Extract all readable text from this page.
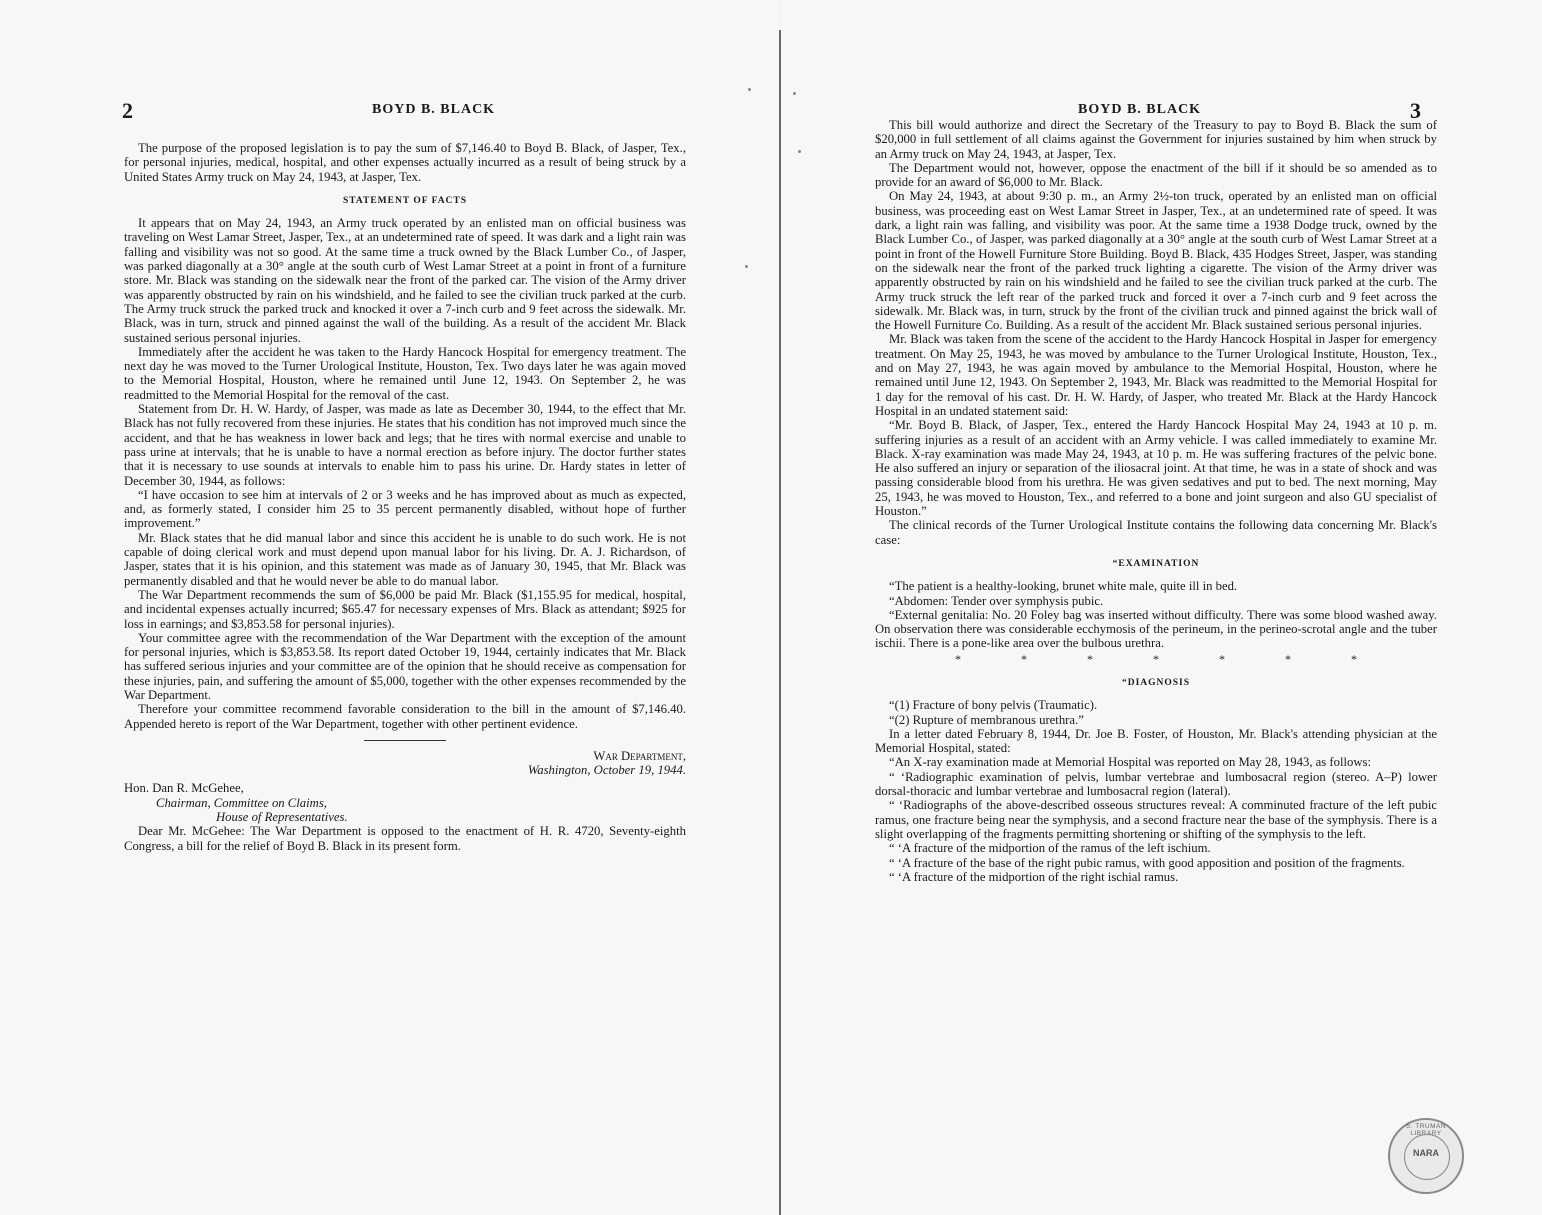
2	BOYD B. BLACK

The purpose of the proposed legislation is to pay the sum of $7,146.40 to Boyd B. Black, of Jasper, Tex., for personal injuries, medical, hospital, and other expenses actually incurred as a result of being struck by a United States Army truck on May 24, 1943, at Jasper, Tex.

STATEMENT OF FACTS

It appears that on May 24, 1943, an Army truck operated by an enlisted man on official business was traveling on West Lamar Street, Jasper, Tex., at an undetermined rate of speed. It was dark and a light rain was falling and visibility was not so good. At the same time a truck owned by the Black Lumber Co., of Jasper, was parked diagonally at a 30° angle at the south curb of West Lamar Street at a point in front of a furniture store. Mr. Black was standing on the sidewalk near the front of the parked car. The vision of the Army driver was apparently obstructed by rain on his windshield, and he failed to see the civilian truck parked at the curb. The Army truck struck the parked truck and knocked it over a 7-inch curb and 9 feet across the sidewalk. Mr. Black, was in turn, struck and pinned against the wall of the building. As a result of the accident Mr. Black sustained serious personal injuries.

Immediately after the accident he was taken to the Hardy Hancock Hospital for emergency treatment. The next day he was moved to the Turner Urological Institute, Houston, Tex. Two days later he was again moved to the Memorial Hospital, Houston, where he remained until June 12, 1943. On September 2, he was readmitted to the Memorial Hospital for the removal of the cast.

Statement from Dr. H. W. Hardy, of Jasper, was made as late as December 30, 1944, to the effect that Mr. Black has not fully recovered from these injuries. He states that his condition has not improved much since the accident, and that he has weakness in lower back and legs; that he tires with normal exercise and unable to pass urine at intervals; that he is unable to have a normal erection as before injury. The doctor further states that it is necessary to use sounds at intervals to enable him to pass his urine. Dr. Hardy states in letter of December 30, 1944, as follows:

“I have occasion to see him at intervals of 2 or 3 weeks and he has improved about as much as expected, and, as formerly stated, I consider him 25 to 35 percent permanently disabled, without hope of further improvement.”

Mr. Black states that he did manual labor and since this accident he is unable to do such work. He is not capable of doing clerical work and must depend upon manual labor for his living. Dr. A. J. Richardson, of Jasper, states that it is his opinion, and this statement was made as of January 30, 1945, that Mr. Black was permanently disabled and that he would never be able to do manual labor.

The War Department recommends the sum of $6,000 be paid Mr. Black ($1,155.95 for medical, hospital, and incidental expenses actually incurred; $65.47 for necessary expenses of Mrs. Black as attendant; $925 for loss in earnings; and $3,853.58 for personal injuries).

Your committee agree with the recommendation of the War Department with the exception of the amount for personal injuries, which is $3,853.58. Its report dated October 19, 1944, certainly indicates that Mr. Black has suffered serious injuries and your committee are of the opinion that he should receive as compensation for these injuries, pain, and suffering the amount of $5,000, together with the other expenses recommended by the War Department.

Therefore your committee recommend favorable consideration to the bill in the amount of $7,146.40. Appended hereto is report of the War Department, together with other pertinent evidence.

War Department,

Washington, October 19, 1944.

Hon. Dan R. McGehee,

Chairman, Committee on Claims,

House of Representatives.

Dear Mr. McGehee: The War Department is opposed to the enactment of H. R. 4720, Seventy-eighth Congress, a bill for the relief of Boyd B. Black in its present form.

BOYD B. BLACK	3

This bill would authorize and direct the Secretary of the Treasury to pay to Boyd B. Black the sum of $20,000 in full settlement of all claims against the Government for injuries sustained by him when struck by an Army truck on May 24, 1943, at Jasper, Tex.

The Department would not, however, oppose the enactment of the bill if it should be so amended as to provide for an award of $6,000 to Mr. Black.

On May 24, 1943, at about 9:30 p. m., an Army 2½-ton truck, operated by an enlisted man on official business, was proceeding east on West Lamar Street in Jasper, Tex., at an undetermined rate of speed. It was dark, a light rain was falling, and visibility was poor. At the same time a 1938 Dodge truck, owned by the Black Lumber Co., of Jasper, was parked diagonally at a 30° angle at the south curb of West Lamar Street at a point in front of the Howell Furniture Store Building. Boyd B. Black, 435 Hodges Street, Jasper, was standing on the sidewalk near the front of the parked truck lighting a cigarette. The vision of the Army driver was apparently obstructed by rain on his windshield and he failed to see the civilian truck parked at the curb. The Army truck struck the left rear of the parked truck and forced it over a 7-inch curb and 9 feet across the sidewalk. Mr. Black was, in turn, struck by the front of the civilian truck and pinned against the brick wall of the Howell Furniture Co. Building. As a result of the accident Mr. Black sustained serious personal injuries.

Mr. Black was taken from the scene of the accident to the Hardy Hancock Hospital in Jasper for emergency treatment. On May 25, 1943, he was moved by ambulance to the Turner Urological Institute, Houston, Tex., and on May 27, 1943, he was again moved by ambulance to the Memorial Hospital, Houston, where he remained until June 12, 1943. On September 2, 1943, Mr. Black was readmitted to the Memorial Hospital for 1 day for the removal of his cast. Dr. H. W. Hardy, of Jasper, who treated Mr. Black at the Hardy Hancock Hospital in an undated statement said:

“Mr. Boyd B. Black, of Jasper, Tex., entered the Hardy Hancock Hospital May 24, 1943 at 10 p. m. suffering injuries as a result of an accident with an Army vehicle. I was called immediately to examine Mr. Black. X-ray examination was made May 24, 1943, at 10 p. m. He was suffering fractures of the pelvic bone. He also suffered an injury or separation of the iliosacral joint. At that time, he was in a state of shock and was passing considerable blood from his urethra. He was given sedatives and put to bed. The next morning, May 25, 1943, he was moved to Houston, Tex., and referred to a bone and joint surgeon and also GU specialist of Houston.”

The clinical records of the Turner Urological Institute contains the following data concerning Mr. Black's case:

“EXAMINATION

“The patient is a healthy-looking, brunet white male, quite ill in bed.

“Abdomen: Tender over symphysis pubic.

“External genitalia: No. 20 Foley bag was inserted without difficulty. There was some blood washed away. On observation there was considerable ecchymosis of the perineum, in the perineo-scrotal angle and the tuber ischii. There is a pone-like area over the bulbous urethra.

*	*	*	*	*	*	*
“DIAGNOSIS

“(1) Fracture of bony pelvis (Traumatic).

“(2) Rupture of membranous urethra.”

In a letter dated February 8, 1944, Dr. Joe B. Foster, of Houston, Mr. Black's attending physician at the Memorial Hospital, stated:

“An X-ray examination made at Memorial Hospital was reported on May 28, 1943, as follows:

“ ‘Radiographic examination of pelvis, lumbar vertebrae and lumbosacral region (stereo. A–P) lower dorsal-thoracic and lumbar vertebrae and lumbosacral region (lateral).

“ ‘Radiographs of the above-described osseous structures reveal: A comminuted fracture of the left pubic ramus, one fracture being near the symphysis, and a second fracture near the base of the symphysis. There is a slight overlapping of the fragments permitting shortening or shifting of the symphysis to the left.

“ ‘A fracture of the midportion of the ramus of the left ischium.

“ ‘A fracture of the base of the right pubic ramus, with good apposition and position of the fragments.

“ ‘A fracture of the midportion of the right ischial ramus.

S. TRUMAN LIBRARY
NARA
